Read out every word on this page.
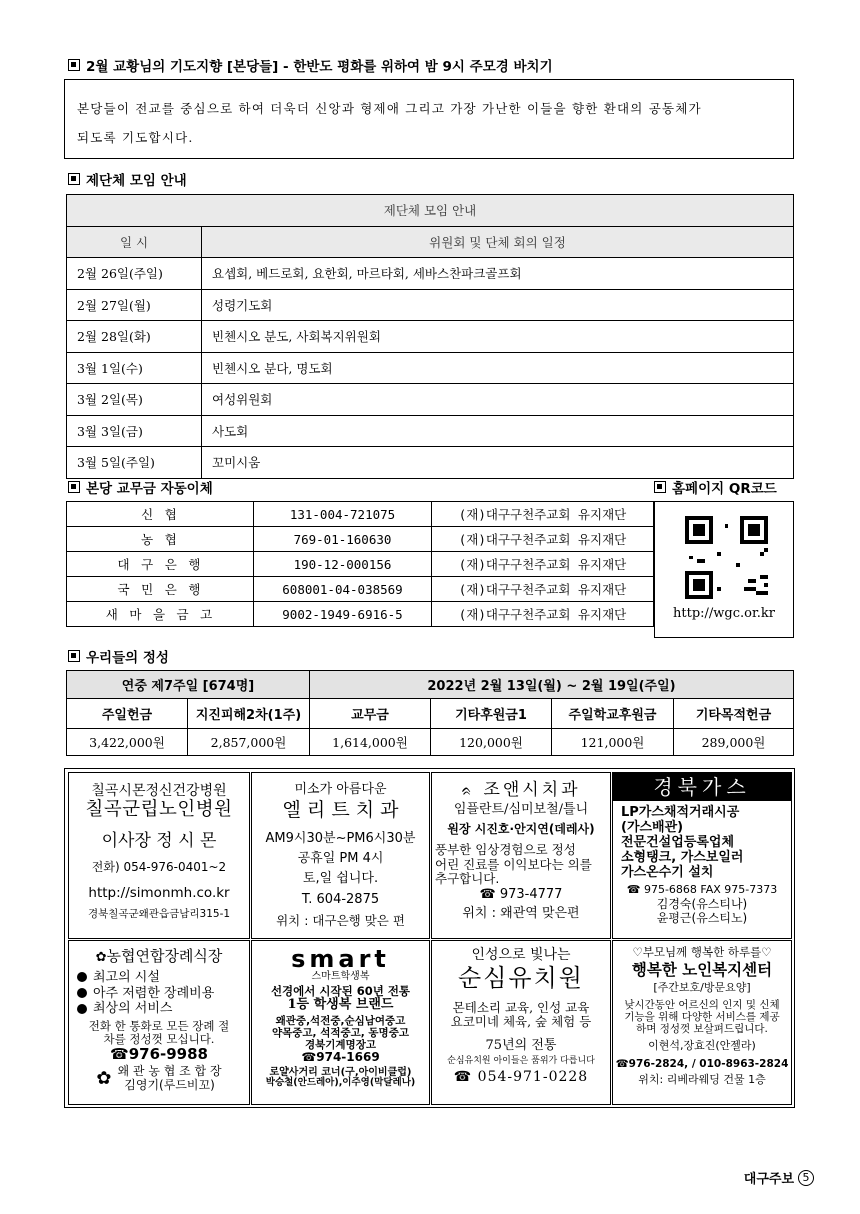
2월 교황님의 기도지향 [본당들] - 한반도 평화를 위하여 밤 9시 주모경 바치기
본당들이 전교를 중심으로 하여 더욱더 신앙과 형제애 그리고 가장 가난한 이들을 향한 환대의 공동체가
되도록 기도합시다.
제단체 모임 안내
제단체 모임 안내	
일 시	위원회 및 단체 회의 일정
2월 26일(주일)	요셉회, 베드로회, 요한회, 마르타회, 세바스찬파크골프회
2월 27일(월)	성령기도회
2월 28일(화)	빈첸시오 분도, 사회복지위원회
3월 1일(수)	빈첸시오 분다, 명도회
3월 2일(목)	여성위원회
3월 3일(금)	사도회
3월 5일(주일)	꼬미시움
본당 교무금 자동이체	홈페이지 QR코드
신 협	131-004-721075	(재)대구구천주교회 유지재단
농 협	769-01-160630	(재)대구구천주교회 유지재단
대 구 은 행	190-12-000156	(재)대구구천주교회 유지재단
국 민 은 행	608001-04-038569	(재)대구구천주교회 유지재단
새 마 을 금 고	9002-1949-6916-5	(재)대구구천주교회 유지재단	http://wgc.or.kr
우리들의 정성
연중 제7주일 [674명]		2022년 2월 13일(월) ~ 2월 19일(주일)			
주일헌금	지진피해2차(1주)	교무금	기타후원금1	주일학교후원금	기타목적헌금
3,422,000원	2,857,000원	1,614,000원	120,000원	121,000원	289,000원

칠곡시몬정신건강병원

칠곡군립노인병원

이사장 정 시 몬

전화) 054-976-0401~2

http://simonmh.co.kr

경북칠곡군왜관읍금남리315-1

미소가 아름다운

엘 리 트 치 과

AM9시30분~PM6시30분

공휴일 PM 4시

토,일 쉽니다.

T. 604-2875

위치 : 대구은행 맞은 편

ᨑ 조앤시치과

임플란트/심미보철/틀니

원장 시진호·안지연(데레사)

풍부한 임상경험으로 정성

어린 진료를 이익보다는 의를

추구합니다.

☎ 973-4777

위치 : 왜관역 맞은편

경북가스

LP가스채적거래시공

(가스배관)

전문건설업등록업체

소형탱크, 가스보일러

가스온수기 설치

☎ 975-6868 FAX 975-7373

김경숙(유스티나)

윤평근(유스티노)

✿농협연합장례식장

최고의 시설

아주 저렴한 장례비용

최상의 서비스

전화 한 통화로 모든 장례 절

차를 정성껏 모십니다.

☎976-9988

✿ 왜 관 농 협 조 합 장

김영기(루드비꼬)

smart

스마트학생복

선경에서 시작된 60년 전통

1등 학생복 브랜드

왜관중,석전중,순심남여중고

약목중고, 석적중고, 동명중고

경북기계명장고

☎974-1669

로얄사거리 코너(구,아이비클럽)

박승철(안드레아),이주영(막달레나)

인성으로 빛나는

순심유치원

몬테소리 교육, 인성 교육

요코미네 체육, 숲 체험 등

75년의 전통

순심유치원 아이들은 품위가 다릅니다

☎ 054-971-0228

♡부모님께 행복한 하루를♡

행복한 노인복지센터

[주간보호/방문요양]

낮시간동안 어르신의 인지 및 신체

기능을 위해 다양한 서비스를 제공

하며 정성껏 보살펴드립니다.

이현석,장효진(안젤라)

☎976-2824, / 010-8963-2824

위치: 리베라웨딩 건물 1층

대구주보 5
